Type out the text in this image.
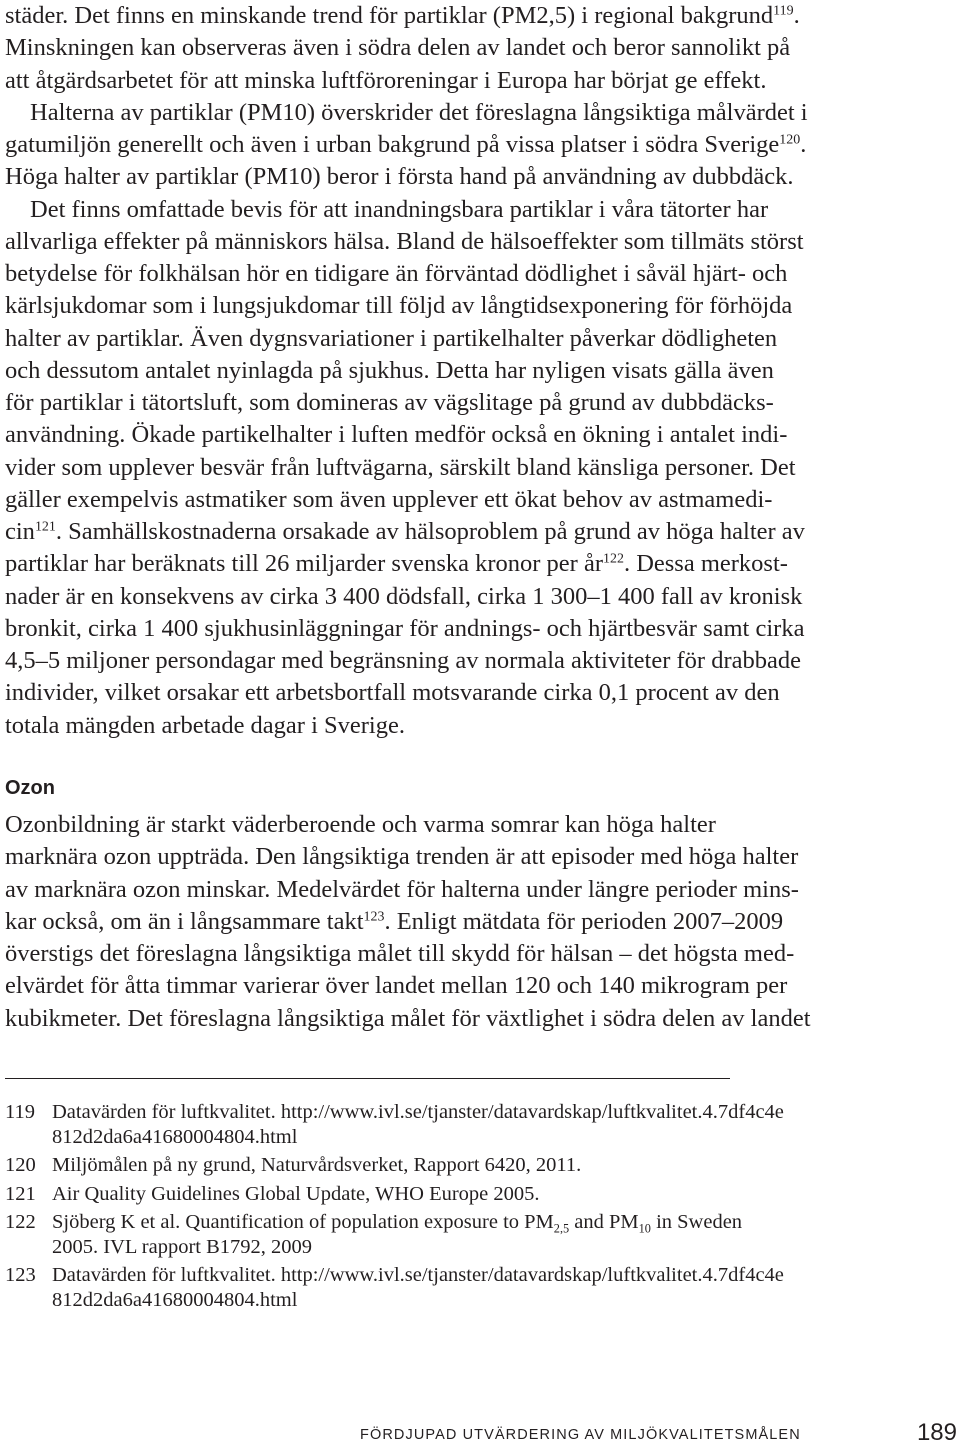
städer. Det finns en minskande trend för partiklar (PM2,5) i regional bakgrund$^{119}$.
Minskningen kan observeras även i södra delen av landet och beror sannolikt på
att åtgärdsarbetet för att minska luftföroreningar i Europa har börjat ge effekt.
Halterna av partiklar (PM10) överskrider det föreslagna långsiktiga målvärdet i
gatumiljön generellt och även i urban bakgrund på vissa platser i södra Sverige$^{120}$.
Höga halter av partiklar (PM10) beror i första hand på användning av dubbdäck.
Det finns omfattade bevis för att inandningsbara partiklar i våra tätorter har
allvarliga effekter på människors hälsa. Bland de hälsoeffekter som tillmäts störst
betydelse för folkhälsan hör en tidigare än förväntad dödlighet i såväl hjärt- och
kärlsjukdomar som i lungsjukdomar till följd av långtidsexponering för förhöjda
halter av partiklar. Även dygnsvariationer i partikelhalter påverkar dödligheten
och dessutom antalet nyinlagda på sjukhus. Detta har nyligen visats gälla även
för partiklar i tätortsluft, som domineras av vägslitage på grund av dubbdäcks-
användning. Ökade partikelhalter i luften medför också en ökning i antalet indi-
vider som upplever besvär från luftvägarna, särskilt bland känsliga personer. Det
gäller exempelvis astmatiker som även upplever ett ökat behov av astmamedi-
cin$^{121}$. Samhällskostnaderna orsakade av hälsoproblem på grund av höga halter av
partiklar har beräknats till 26 miljarder svenska kronor per år$^{122}$. Dessa merkost-
nader är en konsekvens av cirka 3 400 dödsfall, cirka 1 300–1 400 fall av kronisk
bronkit, cirka 1 400 sjukhusinläggningar för andnings- och hjärtbesvär samt cirka
4,5–5 miljoner persondagar med begränsning av normala aktiviteter för drabbade
individer, vilket orsakar ett arbetsbortfall motsvarande cirka 0,1 procent av den
totala mängden arbetade dagar i Sverige.
Ozon
Ozonbildning är starkt väderberoende och varma somrar kan höga halter
marknära ozon uppträda. Den långsiktiga trenden är att episoder med höga halter
av marknära ozon minskar. Medelvärdet för halterna under längre perioder mins-
kar också, om än i långsammare takt$^{123}$. Enligt mätdata för perioden 2007–2009
överstigs det föreslagna långsiktiga målet till skydd för hälsan – det högsta med-
elvärdet för åtta timmar varierar över landet mellan 120 och 140 mikrogram per
kubikmeter. Det föreslagna långsiktiga målet för växtlighet i södra delen av landet
119 Datavärden för luftkvalitet. http://www.ivl.se/tjanster/datavardskap/luftkvalitet.4.7df4c4e
812d2da6a41680004804.html
120 Miljömålen på ny grund, Naturvårdsverket, Rapport 6420, 2011.
121 Air Quality Guidelines Global Update, WHO Europe 2005.
122 Sjöberg K et al. Quantification of population exposure to $PM_{2,5}$ and $PM_{10}$ in Sweden
2005. IVL rapport B1792, 2009
123 Datavärden för luftkvalitet. http://www.ivl.se/tjanster/datavardskap/luftkvalitet.4.7df4c4e
812d2da6a41680004804.html
FÖRDJUPAD UTVÄRDERING AV MILJÖKVALITETSMÅLEN	189
